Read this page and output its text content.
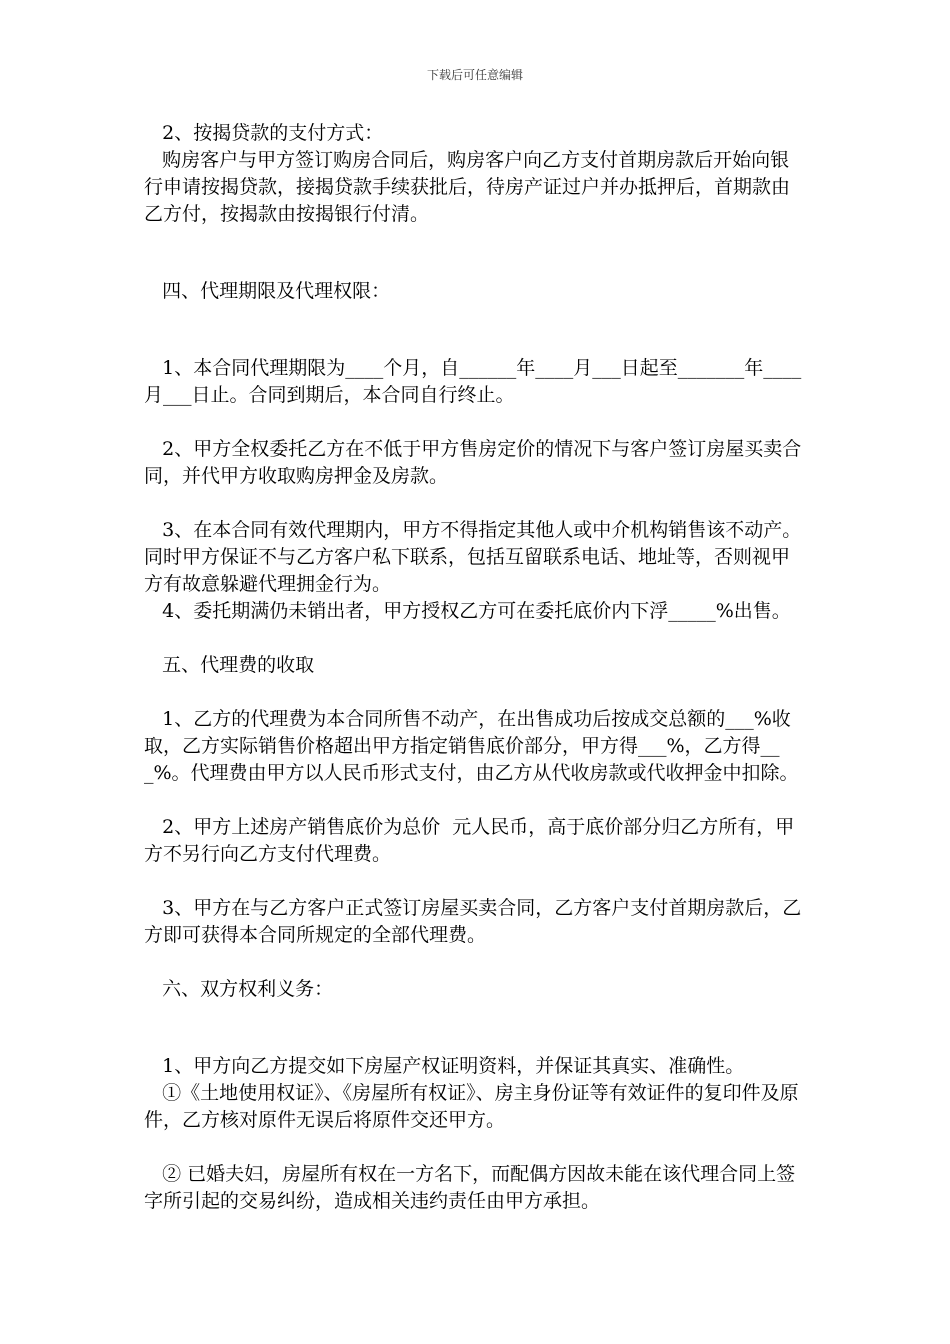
下载后可任意编辑

2、按揭贷款的支付方式：

购房客户与甲方签订购房合同后，购房客户向乙方支付首期房款后开始向银行申请按揭贷款，接揭贷款手续获批后，待房产证过户并办抵押后，首期款由乙方付，按揭款由按揭银行付清。

四、代理期限及代理权限：

1、本合同代理期限为____个月，自______年____月___日起至_______年____月___日止。合同到期后，本合同自行终止。

2、甲方全权委托乙方在不低于甲方售房定价的情况下与客户签订房屋买卖合同，并代甲方收取购房押金及房款。

3、在本合同有效代理期内，甲方不得指定其他人或中介机构销售该不动产。同时甲方保证不与乙方客户私下联系，包括互留联系电话、地址等，否则视甲方有故意躲避代理拥金行为。

4、委托期满仍未销出者，甲方授权乙方可在委托底价内下浮_____%出售。

五、代理费的收取

1、乙方的代理费为本合同所售不动产，在出售成功后按成交总额的___%收取，乙方实际销售价格超出甲方指定销售底价部分，甲方得___%，乙方得___%。代理费由甲方以人民币形式支付，由乙方从代收房款或代收押金中扣除。

2、甲方上述房产销售底价为总价  元人民币，高于底价部分归乙方所有，甲方不另行向乙方支付代理费。

3、甲方在与乙方客户正式签订房屋买卖合同，乙方客户支付首期房款后，乙方即可获得本合同所规定的全部代理费。

六、双方权利义务：

1、甲方向乙方提交如下房屋产权证明资料，并保证其真实、准确性。

①《土地使用权证》、《房屋所有权证》、房主身份证等有效证件的复印件及原件，乙方核对原件无误后将原件交还甲方。

② 已婚夫妇，房屋所有权在一方名下，而配偶方因故未能在该代理合同上签字所引起的交易纠纷，造成相关违约责任由甲方承担。
